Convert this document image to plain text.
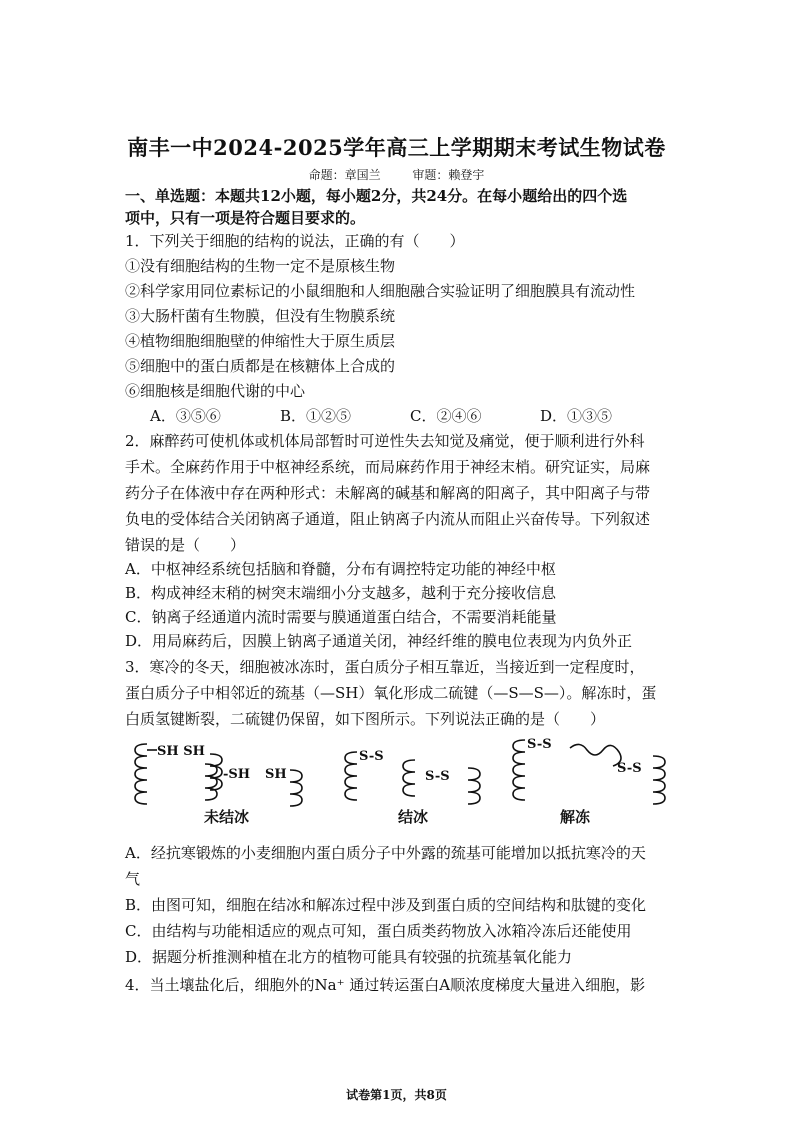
南丰一中2024-2025学年高三上学期期末考试生物试卷
命题：章国兰	审题：赖登宇
一、单选题：本题共12小题，每小题2分，共24分。在每小题给出的四个选
项中，只有一项是符合题目要求的。
1．下列关于细胞的结构的说法，正确的有（　　）
①没有细胞结构的生物一定不是原核生物
②科学家用同位素标记的小鼠细胞和人细胞融合实验证明了细胞膜具有流动性
③大肠杆菌有生物膜，但没有生物膜系统
④植物细胞细胞壁的伸缩性大于原生质层
⑤细胞中的蛋白质都是在核糖体上合成的
⑥细胞核是细胞代谢的中心
A．③⑤⑥	B．①②⑤	C．②④⑥	D．①③⑤
2．麻醉药可使机体或机体局部暂时可逆性失去知觉及痛觉，便于顺利进行外科
手术。全麻药作用于中枢神经系统，而局麻药作用于神经末梢。研究证实，局麻
药分子在体液中存在两种形式：未解离的碱基和解离的阳离子，其中阳离子与带
负电的受体结合关闭钠离子通道，阻止钠离子内流从而阻止兴奋传导。下列叙述
错误的是（　　）
A．中枢神经系统包括脑和脊髓，分布有调控特定功能的神经中枢
B．构成神经末稍的树突末端细小分支越多，越利于充分接收信息
C．钠离子经通道内流时需要与膜通道蛋白结合，不需要消耗能量
D．用局麻药后，因膜上钠离子通道关闭，神经纤维的膜电位表现为内负外正
3．寒冷的冬天，细胞被冰冻时，蛋白质分子相互靠近，当接近到一定程度时，
蛋白质分子中相邻近的巯基（—SH）氧化形成二硫键（—S—S—）。解冻时，蛋
白质氢键断裂，二硫键仍保留，如下图所示。下列说法正确的是（　　）
SH SH
-SH SH
S-S
S-S
S-S
S-S
未结冰	结冰	解冻
A．经抗寒锻炼的小麦细胞内蛋白质分子中外露的巯基可能增加以抵抗寒冷的天
气
B．由图可知，细胞在结冰和解冻过程中涉及到蛋白质的空间结构和肽键的变化
C．由结构与功能相适应的观点可知，蛋白质类药物放入冰箱冷冻后还能使用
D．据题分析推测种植在北方的植物可能具有较强的抗巯基氧化能力
4．当土壤盐化后，细胞外的Na⁺ 通过转运蛋白A顺浓度梯度大量进入细胞，影
试卷第1页，共8页
